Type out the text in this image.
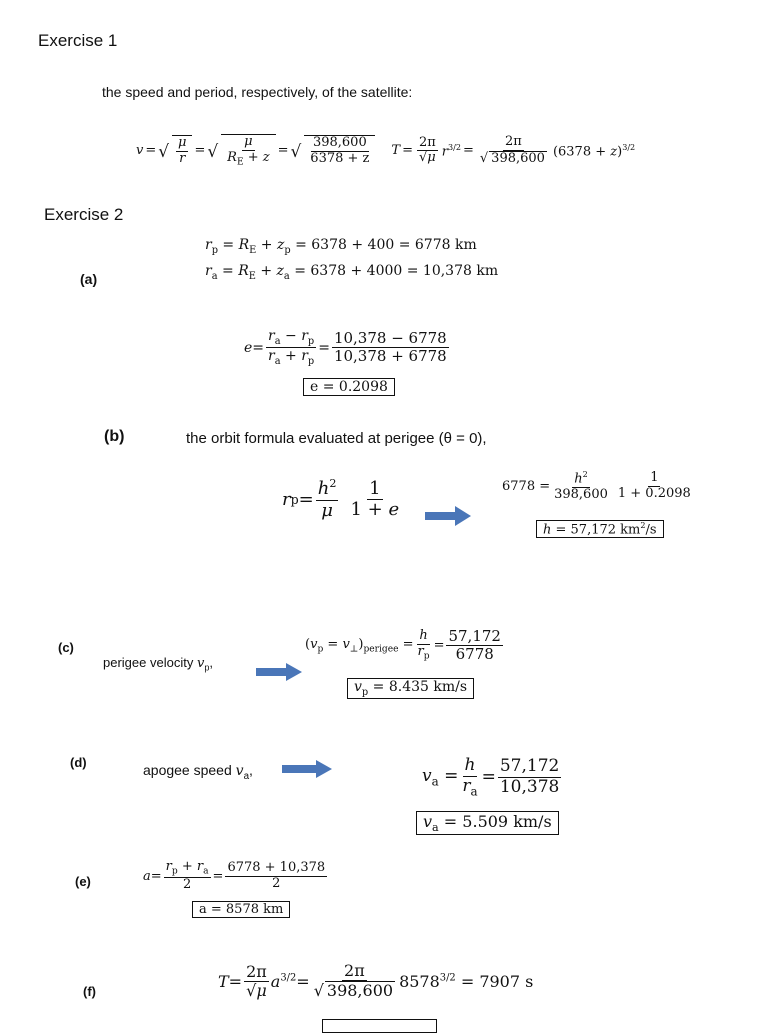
Exercise 1
the speed and period, respectively, of the satellite:
v = √ $\frac{\mu}{r}$ = √ $\frac{\mu}{R_E + z}$ = √ $\frac{398,600}{6378 + z}$ $T = \frac{2\pi}{√\mu} r^{3/2} = \frac{2\pi}{√ 398,600} (6378 + z)^{3/2}$
Exercise 2
(a)
$r_p = R_E + z_p = 6378 + 400 = 6778$ km
$r_a = R_E + z_a = 6378 + 4000 = 10,378$ km
$e = \frac{r_a - r_p}{r_a + r_p} = \frac{10,378 - 6778}{10,378 + 6778}$
e = 0.2098
(b)	the orbit formula evaluated at perigee (θ = 0),
r $p = \frac{h^2}{\mu} \frac{1}{1 + e}$	$6778 = \frac{h^2}{398,600} \frac{1}{1 + 0.2098}$
h = 57,172 $km^2/s$
(c)
perigee velocity $v_p$,
$(v_p = v_\perp)_{perigee} = \frac{h}{r_p} = \frac{57,172}{6778}$
$v_p = 8.435$ km/s
(d)	apogee speed $v_a$,	$v_a = \frac{h}{r_a} = \frac{57,172}{10,378}$
$v_a = 5.509$ km/s
(e)	$a = \frac{r_p + r_a}{2} = \frac{6778 + 10,378}{2}$
a = 8578 km
(f)
$T = \frac{2\pi}{√\mu} a^{3/2} = \frac{2\pi}{√ 398,600} 8578^{3/2} = 7907$ s
